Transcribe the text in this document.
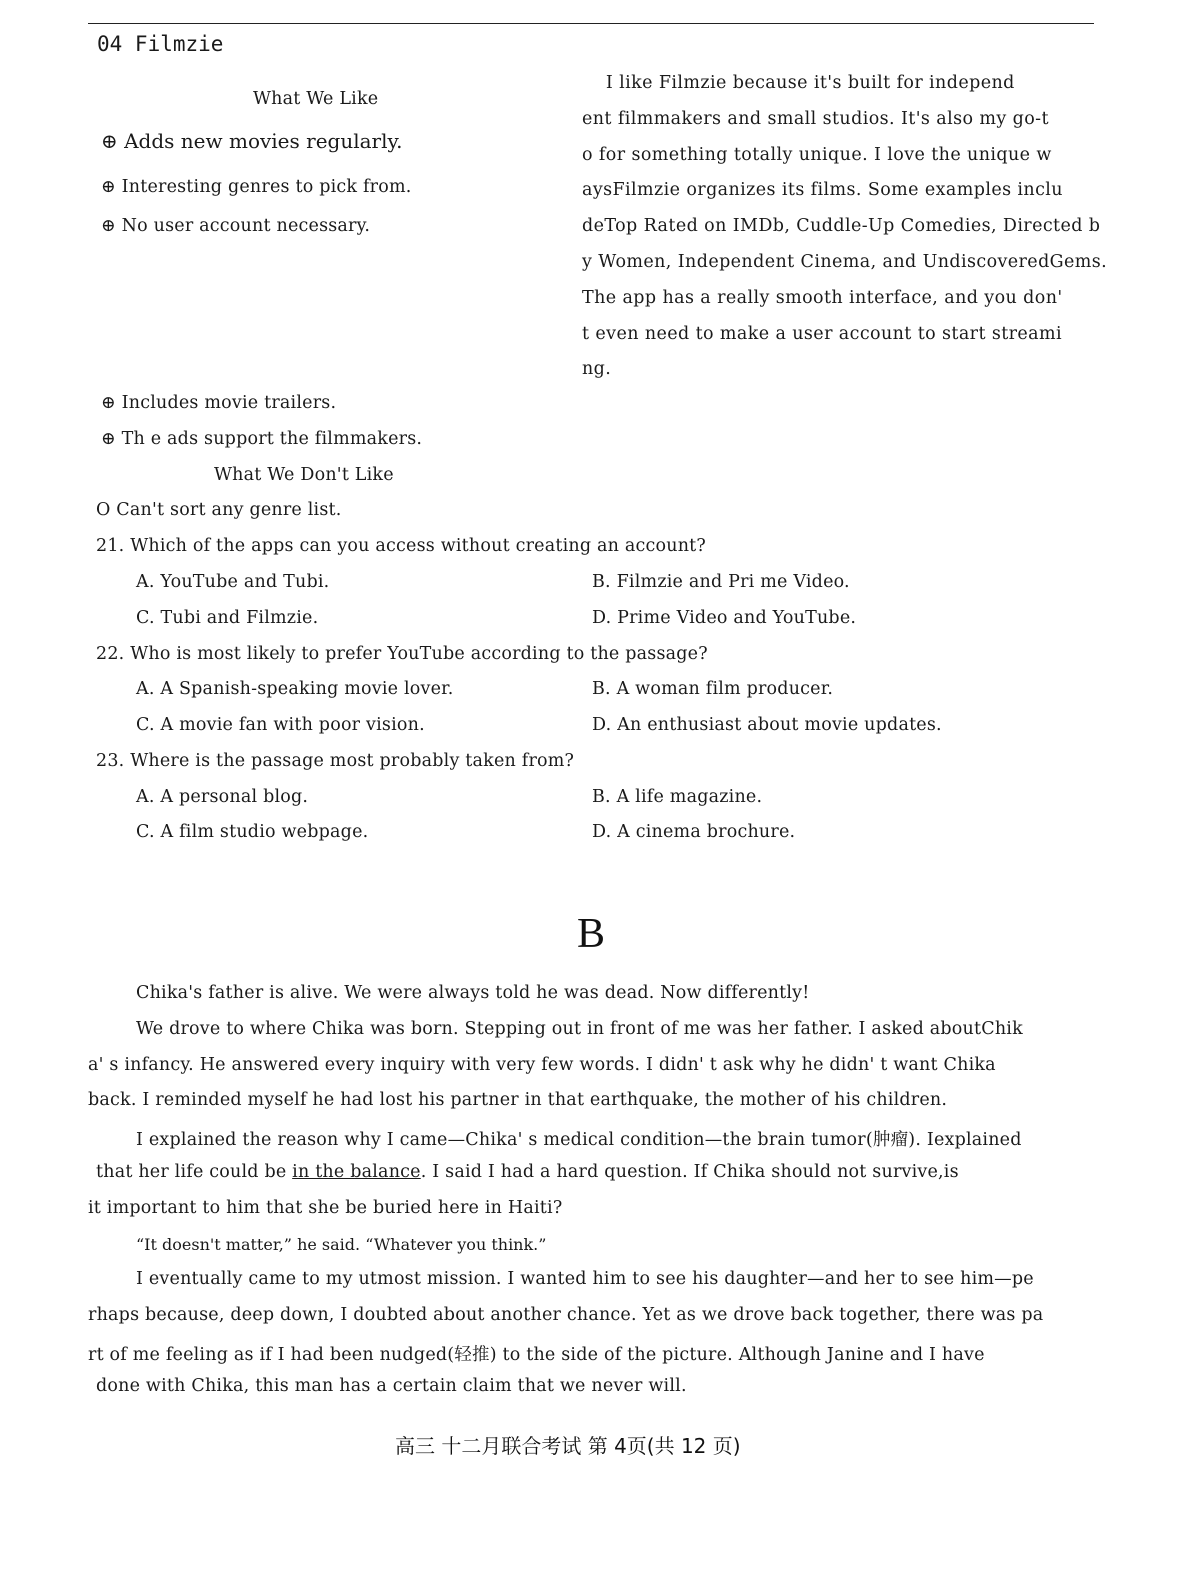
04 Filmzie
What We Like
⊕ Adds new movies regularly.
⊕ Interesting genres to pick from.
⊕ No user account necessary.
⊕ Includes movie trailers.
⊕ Th e ads support the filmmakers.
What We Don't Like
O Can't sort any genre list.
I like Filmzie because it's built for independ
ent filmmakers and small studios. It's also my go-t
o for something totally unique. I love the unique w
aysFilmzie organizes its films. Some examples inclu
deTop Rated on IMDb, Cuddle-Up Comedies, Directed b
y Women, Independent Cinema, and UndiscoveredGems.
The app has a really smooth interface, and you don'
t even need to make a user account to start streami
ng.
21. Which of the apps can you access without creating an account?
A. YouTube and Tubi.	B. Filmzie and Pri me Video.
C. Tubi and Filmzie.	D. Prime Video and YouTube.
22. Who is most likely to prefer YouTube according to the passage?
A. A Spanish-speaking movie lover.	B. A woman film producer.
C. A movie fan with poor vision.	D. An enthusiast about movie updates.
23. Where is the passage most probably taken from?
A. A personal blog.	B. A life magazine.
C. A film studio webpage.	D. A cinema brochure.
B
Chika's father is alive. We were always told he was dead. Now differently!
We drove to where Chika was born. Stepping out in front of me was her father. I asked aboutChik
a' s infancy. He answered every inquiry with very few words. I didn' t ask why he didn' t want Chika
back. I reminded myself he had lost his partner in that earthquake, the mother of his children.
I explained the reason why I came—Chika' s medical condition—the brain tumor(肿瘤). Iexplained
that her life could be in the balance. I said I had a hard question. If Chika should not survive,is
it important to him that she be buried here in Haiti?
“It doesn't matter,” he said. “Whatever you think.”
I eventually came to my utmost mission. I wanted him to see his daughter—and her to see him—pe
rhaps because, deep down, I doubted about another chance. Yet as we drove back together, there was pa
rt of me feeling as if I had been nudged(轻推) to the side of the picture. Although Janine and I have
done with Chika, this man has a certain claim that we never will.
高三 十二月联合考试 第 4页(共 12 页)
